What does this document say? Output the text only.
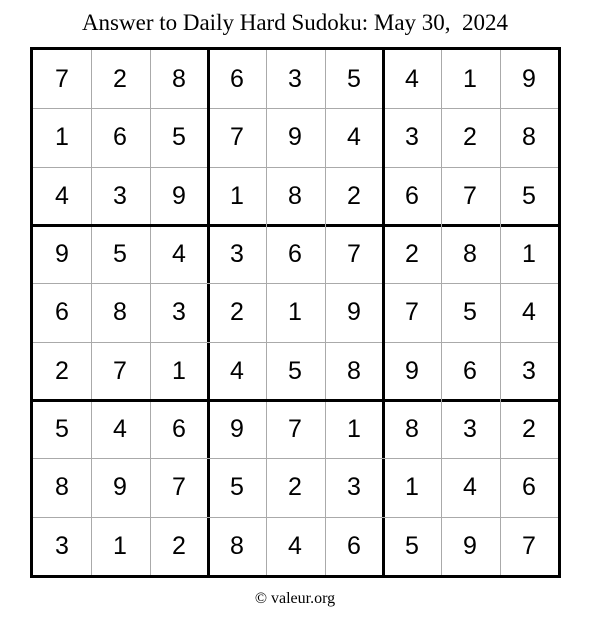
Answer to Daily Hard Sudoku: May 30,  2024
7	2	8	6	3	5	4	1	9
1	6	5	7	9	4	3	2	8
4	3	9	1	8	2	6	7	5
9	5	4	3	6	7	2	8	1
6	8	3	2	1	9	7	5	4
2	7	1	4	5	8	9	6	3
5	4	6	9	7	1	8	3	2
8	9	7	5	2	3	1	4	6
3	1	2	8	4	6	5	9	7
© valeur.org
